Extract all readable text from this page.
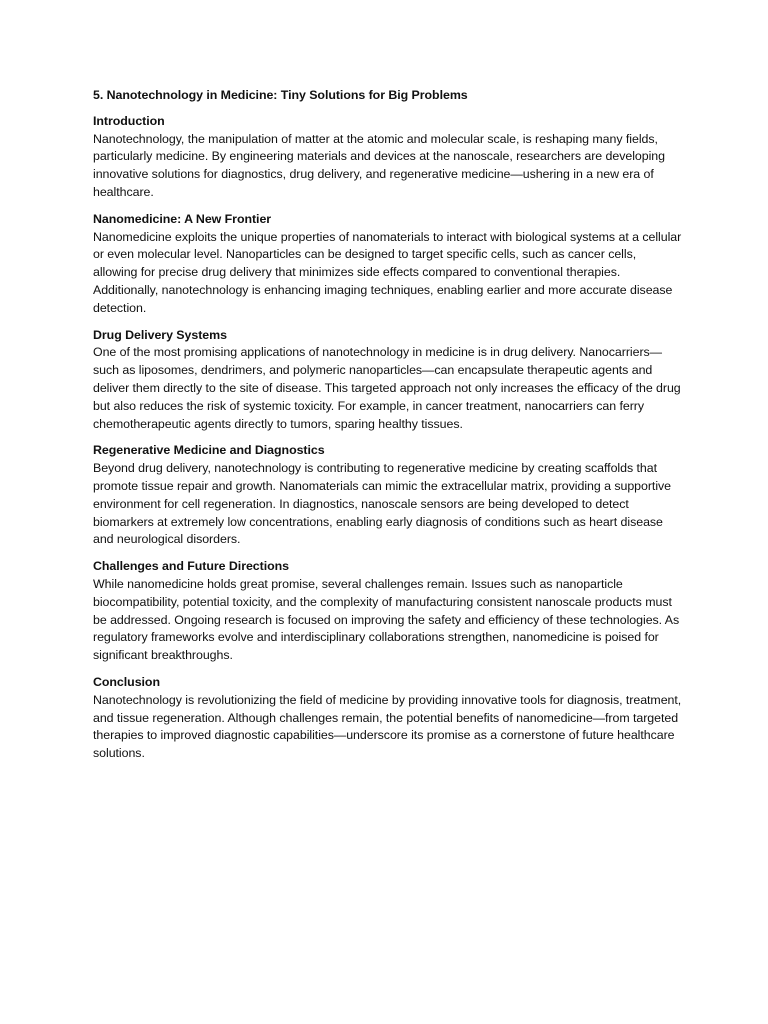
5. Nanotechnology in Medicine: Tiny Solutions for Big Problems
Introduction
Nanotechnology, the manipulation of matter at the atomic and molecular scale, is reshaping many fields, particularly medicine. By engineering materials and devices at the nanoscale, researchers are developing innovative solutions for diagnostics, drug delivery, and regenerative medicine—ushering in a new era of healthcare.
Nanomedicine: A New Frontier
Nanomedicine exploits the unique properties of nanomaterials to interact with biological systems at a cellular or even molecular level. Nanoparticles can be designed to target specific cells, such as cancer cells, allowing for precise drug delivery that minimizes side effects compared to conventional therapies. Additionally, nanotechnology is enhancing imaging techniques, enabling earlier and more accurate disease detection.
Drug Delivery Systems
One of the most promising applications of nanotechnology in medicine is in drug delivery. Nanocarriers—such as liposomes, dendrimers, and polymeric nanoparticles—can encapsulate therapeutic agents and deliver them directly to the site of disease. This targeted approach not only increases the efficacy of the drug but also reduces the risk of systemic toxicity. For example, in cancer treatment, nanocarriers can ferry chemotherapeutic agents directly to tumors, sparing healthy tissues.
Regenerative Medicine and Diagnostics
Beyond drug delivery, nanotechnology is contributing to regenerative medicine by creating scaffolds that promote tissue repair and growth. Nanomaterials can mimic the extracellular matrix, providing a supportive environment for cell regeneration. In diagnostics, nanoscale sensors are being developed to detect biomarkers at extremely low concentrations, enabling early diagnosis of conditions such as heart disease and neurological disorders.
Challenges and Future Directions
While nanomedicine holds great promise, several challenges remain. Issues such as nanoparticle biocompatibility, potential toxicity, and the complexity of manufacturing consistent nanoscale products must be addressed. Ongoing research is focused on improving the safety and efficiency of these technologies. As regulatory frameworks evolve and interdisciplinary collaborations strengthen, nanomedicine is poised for significant breakthroughs.
Conclusion
Nanotechnology is revolutionizing the field of medicine by providing innovative tools for diagnosis, treatment, and tissue regeneration. Although challenges remain, the potential benefits of nanomedicine—from targeted therapies to improved diagnostic capabilities—underscore its promise as a cornerstone of future healthcare solutions.
